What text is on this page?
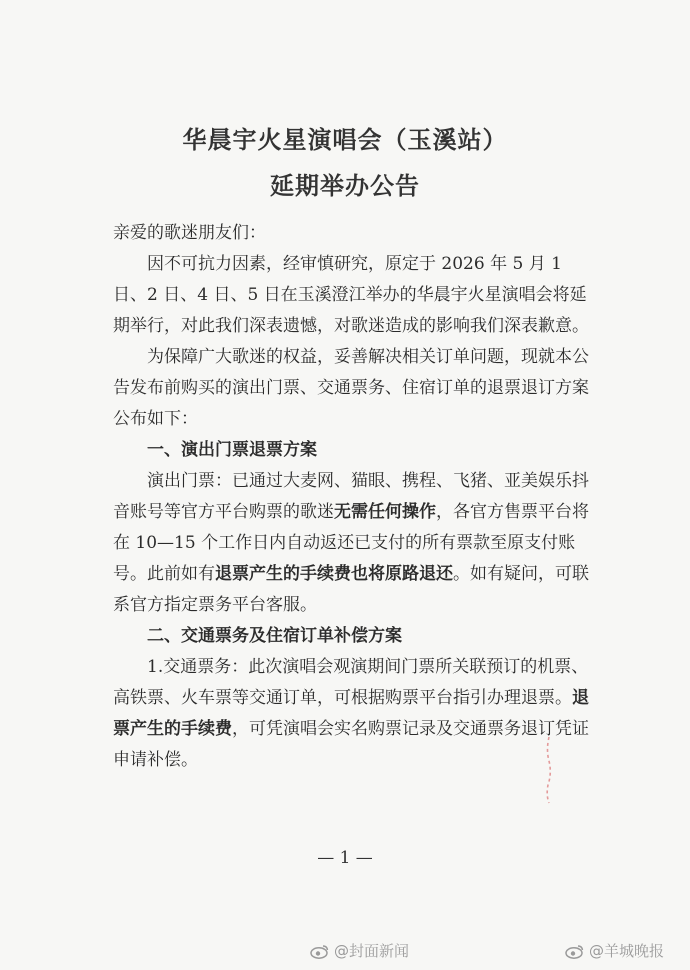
华晨宇火星演唱会（玉溪站）
延期举办公告

亲爱的歌迷朋友们：

因不可抗力因素，经审慎研究，原定于 2026 年 5 月 1 日、2 日、4 日、5 日在玉溪澄江举办的华晨宇火星演唱会将延期举行，对此我们深表遗憾，对歌迷造成的影响我们深表歉意。

为保障广大歌迷的权益，妥善解决相关订单问题，现就本公告发布前购买的演出门票、交通票务、住宿订单的退票退订方案公布如下：

一、演出门票退票方案

演出门票：已通过大麦网、猫眼、携程、飞猪、亚美娱乐抖音账号等官方平台购票的歌迷无需任何操作，各官方售票平台将在 10—15 个工作日内自动返还已支付的所有票款至原支付账号。此前如有退票产生的手续费也将原路退还。如有疑问，可联系官方指定票务平台客服。

二、交通票务及住宿订单补偿方案

1.交通票务：此次演唱会观演期间门票所关联预订的机票、高铁票、火车票等交通订单，可根据购票平台指引办理退票。退票产生的手续费，可凭演唱会实名购票记录及交通票务退订凭证申请补偿。

— 1 —
@封面新闻	@羊城晚报
